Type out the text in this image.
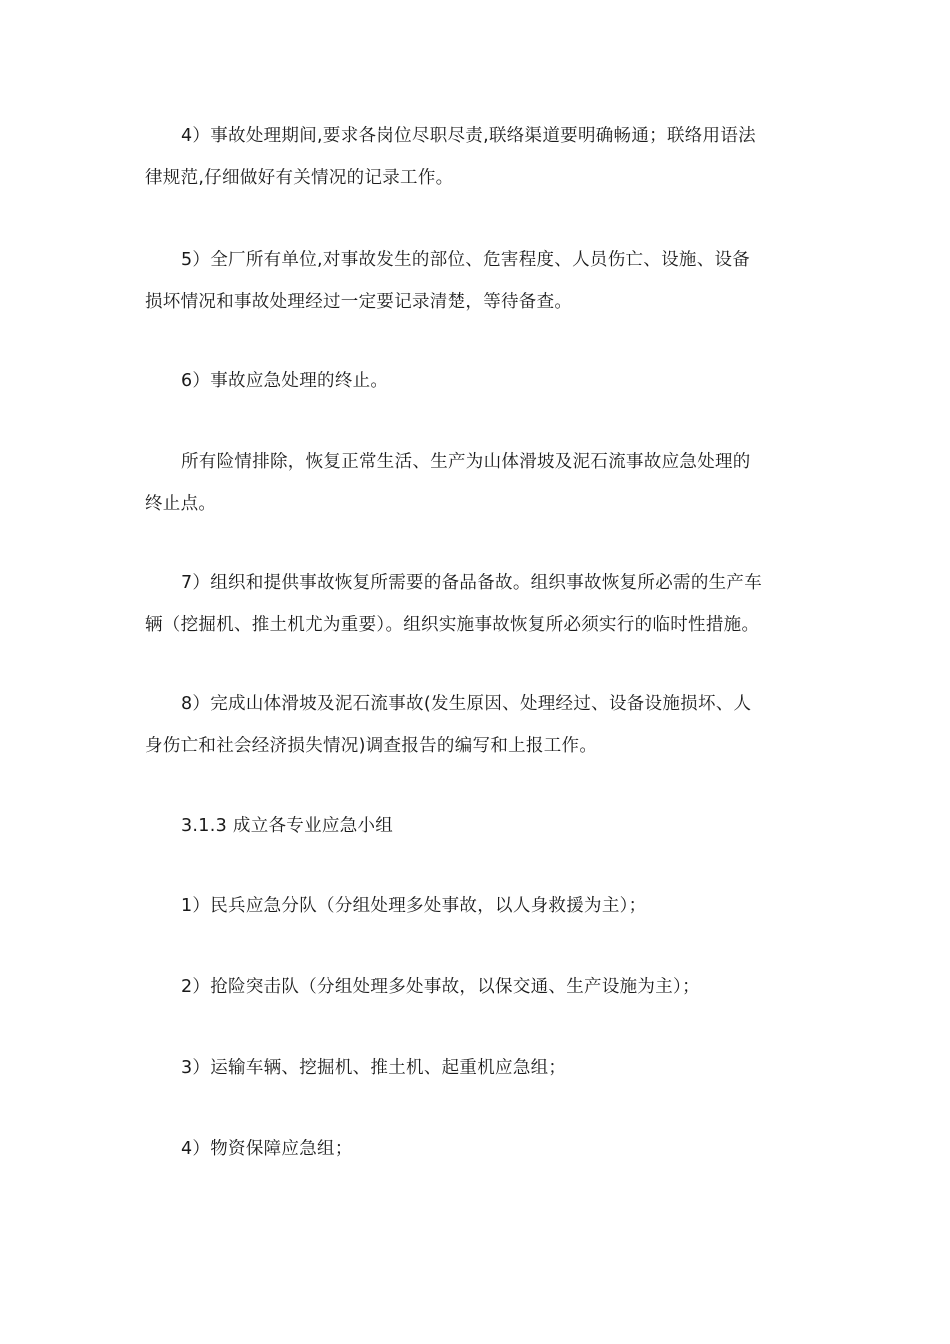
4）事故处理期间,要求各岗位尽职尽责,联络渠道要明确畅通；联络用语法
律规范,仔细做好有关情况的记录工作。

5）全厂所有单位,对事故发生的部位、危害程度、人员伤亡、设施、设备
损坏情况和事故处理经过一定要记录清楚，等待备查。

6）事故应急处理的终止。

所有险情排除，恢复正常生活、生产为山体滑坡及泥石流事故应急处理的
终止点。

7）组织和提供事故恢复所需要的备品备故。组织事故恢复所必需的生产车
辆（挖掘机、推土机尤为重要）。组织实施事故恢复所必须实行的临时性措施。

8）完成山体滑坡及泥石流事故(发生原因、处理经过、设备设施损坏、人
身伤亡和社会经济损失情况)调查报告的编写和上报工作。

3.1.3 成立各专业应急小组

1）民兵应急分队（分组处理多处事故，以人身救援为主）；

2）抢险突击队（分组处理多处事故，以保交通、生产设施为主）；

3）运输车辆、挖掘机、推土机、起重机应急组；

4）物资保障应急组；
